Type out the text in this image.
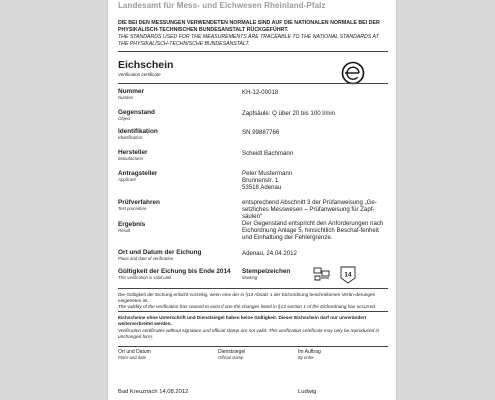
Landesamt für Mess- und Eichwesen Rheinland-Pfalz
DIE BEI DEN MESSUNGEN VERWENDETEN NORMALE SIND AUF DIE NATIONALEN NORMALE BEI DER PHYSIKALISCH-TECHNISCHEN BUNDESANSTALT RÜCKGEFÜHRT.
THE STANDARDS USED FOR THE MEASUREMENTS ARE TRACEABLE TO THE NATIONAL STANDARDS AT THE PHYSIKALISCH-TECHNISCHE BUNDESANSTALT.
Eichschein
Verification certificate
e
Nummer
Number
KH-12-00018
Gegenstand
Object
Zapfsäule: Q über 20 bis 100 l/min
Identifikation
Identification
SN 99887766
Hersteller
Manufacturer
Scheidt Bachmann
Antragsteller
Applicant
Peter Mustermann
Brunnenstr. 1
53518 Adenau
Prüfverfahren
Test procedure
entsprechend Abschnitt 3 der Prüfanweisung „Ge-setzliches Messwesen – Prüfanweisung für Zapf-säulen“
Ergebnis
Result
Der Gegenstand entspricht den Anforderungen nach Eichordnung Anlage 5, hinsichtlich Beschaf-fenheit und Einhaltung der Fehlergrenze.
Ort und Datum der Eichung
Place and date of verification
Adenau, 24.04.2012
Gültigkeit der Eichung bis Ende 2014
This verification is valid until
Stempelzeichen
Marking	14
Die Gültigkeit der Eichung erlischt vorzeitig, wenn eine der in §13 Absatz 1 der Eichordnung beschriebenen Verän-derungen eingetreten ist.
The validity of the verification has ceased to exist if one the changes listed in §13 section 1 of the Eichordnung has occurred.
Eichscheine ohne Unterschrift und Dienstsiegel haben keine Gültigkeit. Dieser Eichschein darf nur unverändert weiterverbreitet werden.
Verification certificates without signature and official stamp are not valid. This verification certificate may only be reproduced in unchanged form.
Ort und Datum
Place and date
Dienstsiegel
Official stamp
Im Auftrag
By order
Bad Kreuznach 14.08.2012	Ludwig
